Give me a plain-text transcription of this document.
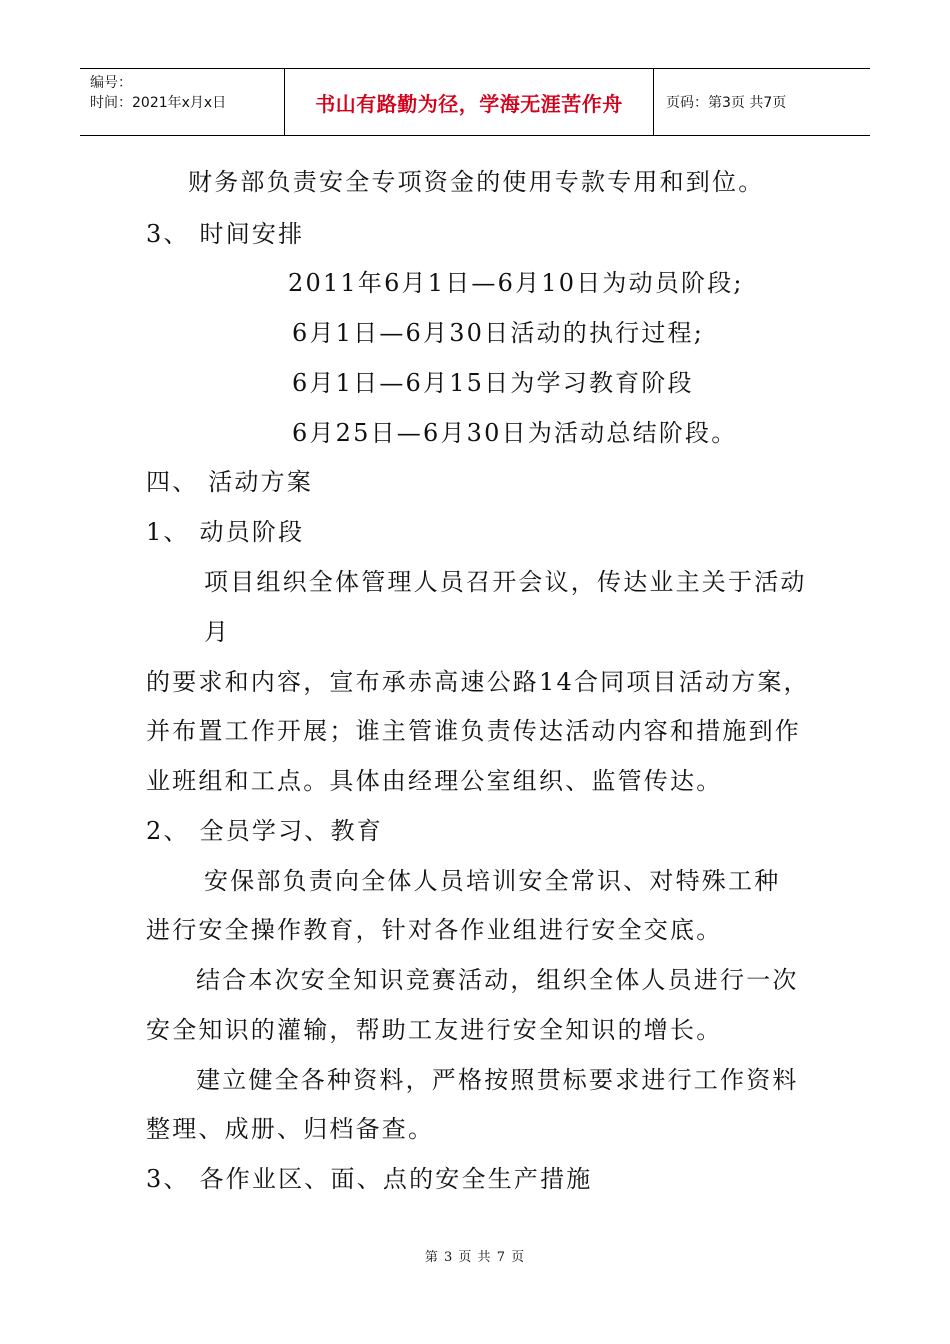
编号：
时间：2021年x月x日	书山有路勤为径，学海无涯苦作舟	页码：第3页 共7页
财务部负责安全专项资金的使用专款专用和到位。
3、 时间安排
2011年6月1日—6月10日为动员阶段;
6月1日—6月30日活动的执行过程;
6月1日—6月15日为学习教育阶段
6月25日—6月30日为活动总结阶段。
四、 活动方案
1、 动员阶段
项目组织全体管理人员召开会议，传达业主关于活动
月
的要求和内容，宣布承赤高速公路14合同项目活动方案，
并布置工作开展；谁主管谁负责传达活动内容和措施到作
业班组和工点。具体由经理公室组织、监管传达。
2、 全员学习、教育
安保部负责向全体人员培训安全常识、对特殊工种
进行安全操作教育，针对各作业组进行安全交底。
结合本次安全知识竞赛活动，组织全体人员进行一次
安全知识的灌输，帮助工友进行安全知识的增长。
建立健全各种资料，严格按照贯标要求进行工作资料
整理、成册、归档备查。
3、 各作业区、面、点的安全生产措施
第 3 页 共 7 页
